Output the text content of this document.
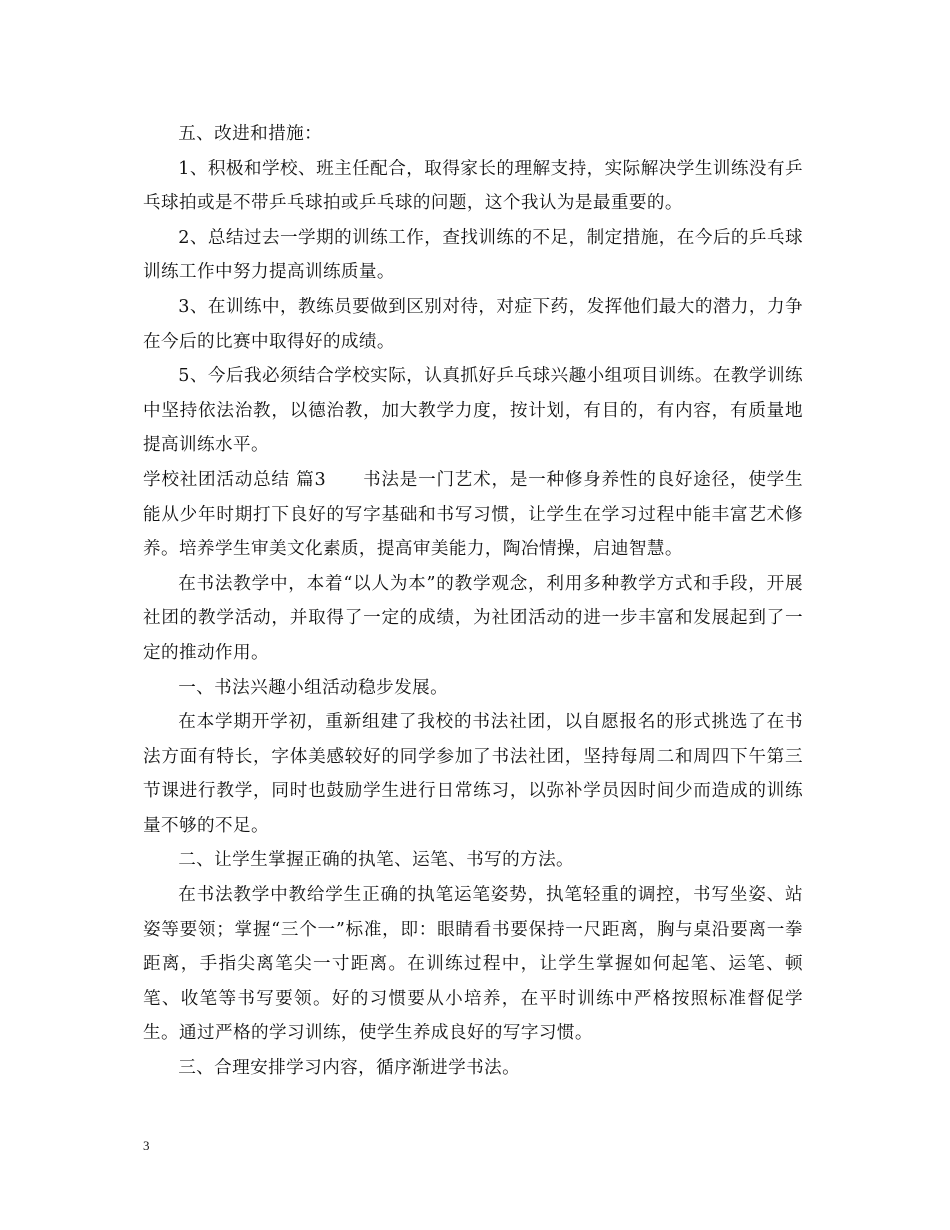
五、改进和措施：

1、积极和学校、班主任配合，取得家长的理解支持，实际解决学生训练没有乒乓球拍或是不带乒乓球拍或乒乓球的问题，这个我认为是最重要的。

2、总结过去一学期的训练工作，查找训练的不足，制定措施，在今后的乒乓球训练工作中努力提高训练质量。

3、在训练中，教练员要做到区别对待，对症下药，发挥他们最大的潜力，力争在今后的比赛中取得好的成绩。

5、今后我必须结合学校实际，认真抓好乒乓球兴趣小组项目训练。在教学训练中坚持依法治教，以德治教，加大教学力度，按计划，有目的，有内容，有质量地提高训练水平。

学校社团活动总结 篇3　　书法是一门艺术，是一种修身养性的良好途径，使学生能从少年时期打下良好的写字基础和书写习惯，让学生在学习过程中能丰富艺术修养。培养学生审美文化素质，提高审美能力，陶冶情操，启迪智慧。

在书法教学中，本着“以人为本”的教学观念，利用多种教学方式和手段，开展社团的教学活动，并取得了一定的成绩，为社团活动的进一步丰富和发展起到了一定的推动作用。

一、书法兴趣小组活动稳步发展。

在本学期开学初，重新组建了我校的书法社团，以自愿报名的形式挑选了在书法方面有特长，字体美感较好的同学参加了书法社团，坚持每周二和周四下午第三节课进行教学，同时也鼓励学生进行日常练习，以弥补学员因时间少而造成的训练量不够的不足。

二、让学生掌握正确的执笔、运笔、书写的方法。

在书法教学中教给学生正确的执笔运笔姿势，执笔轻重的调控，书写坐姿、站姿等要领；掌握“三个一”标准，即：眼睛看书要保持一尺距离，胸与桌沿要离一拳距离，手指尖离笔尖一寸距离。在训练过程中，让学生掌握如何起笔、运笔、顿笔、收笔等书写要领。好的习惯要从小培养，在平时训练中严格按照标准督促学生。通过严格的学习训练，使学生养成良好的写字习惯。

三、合理安排学习内容，循序渐进学书法。

3
